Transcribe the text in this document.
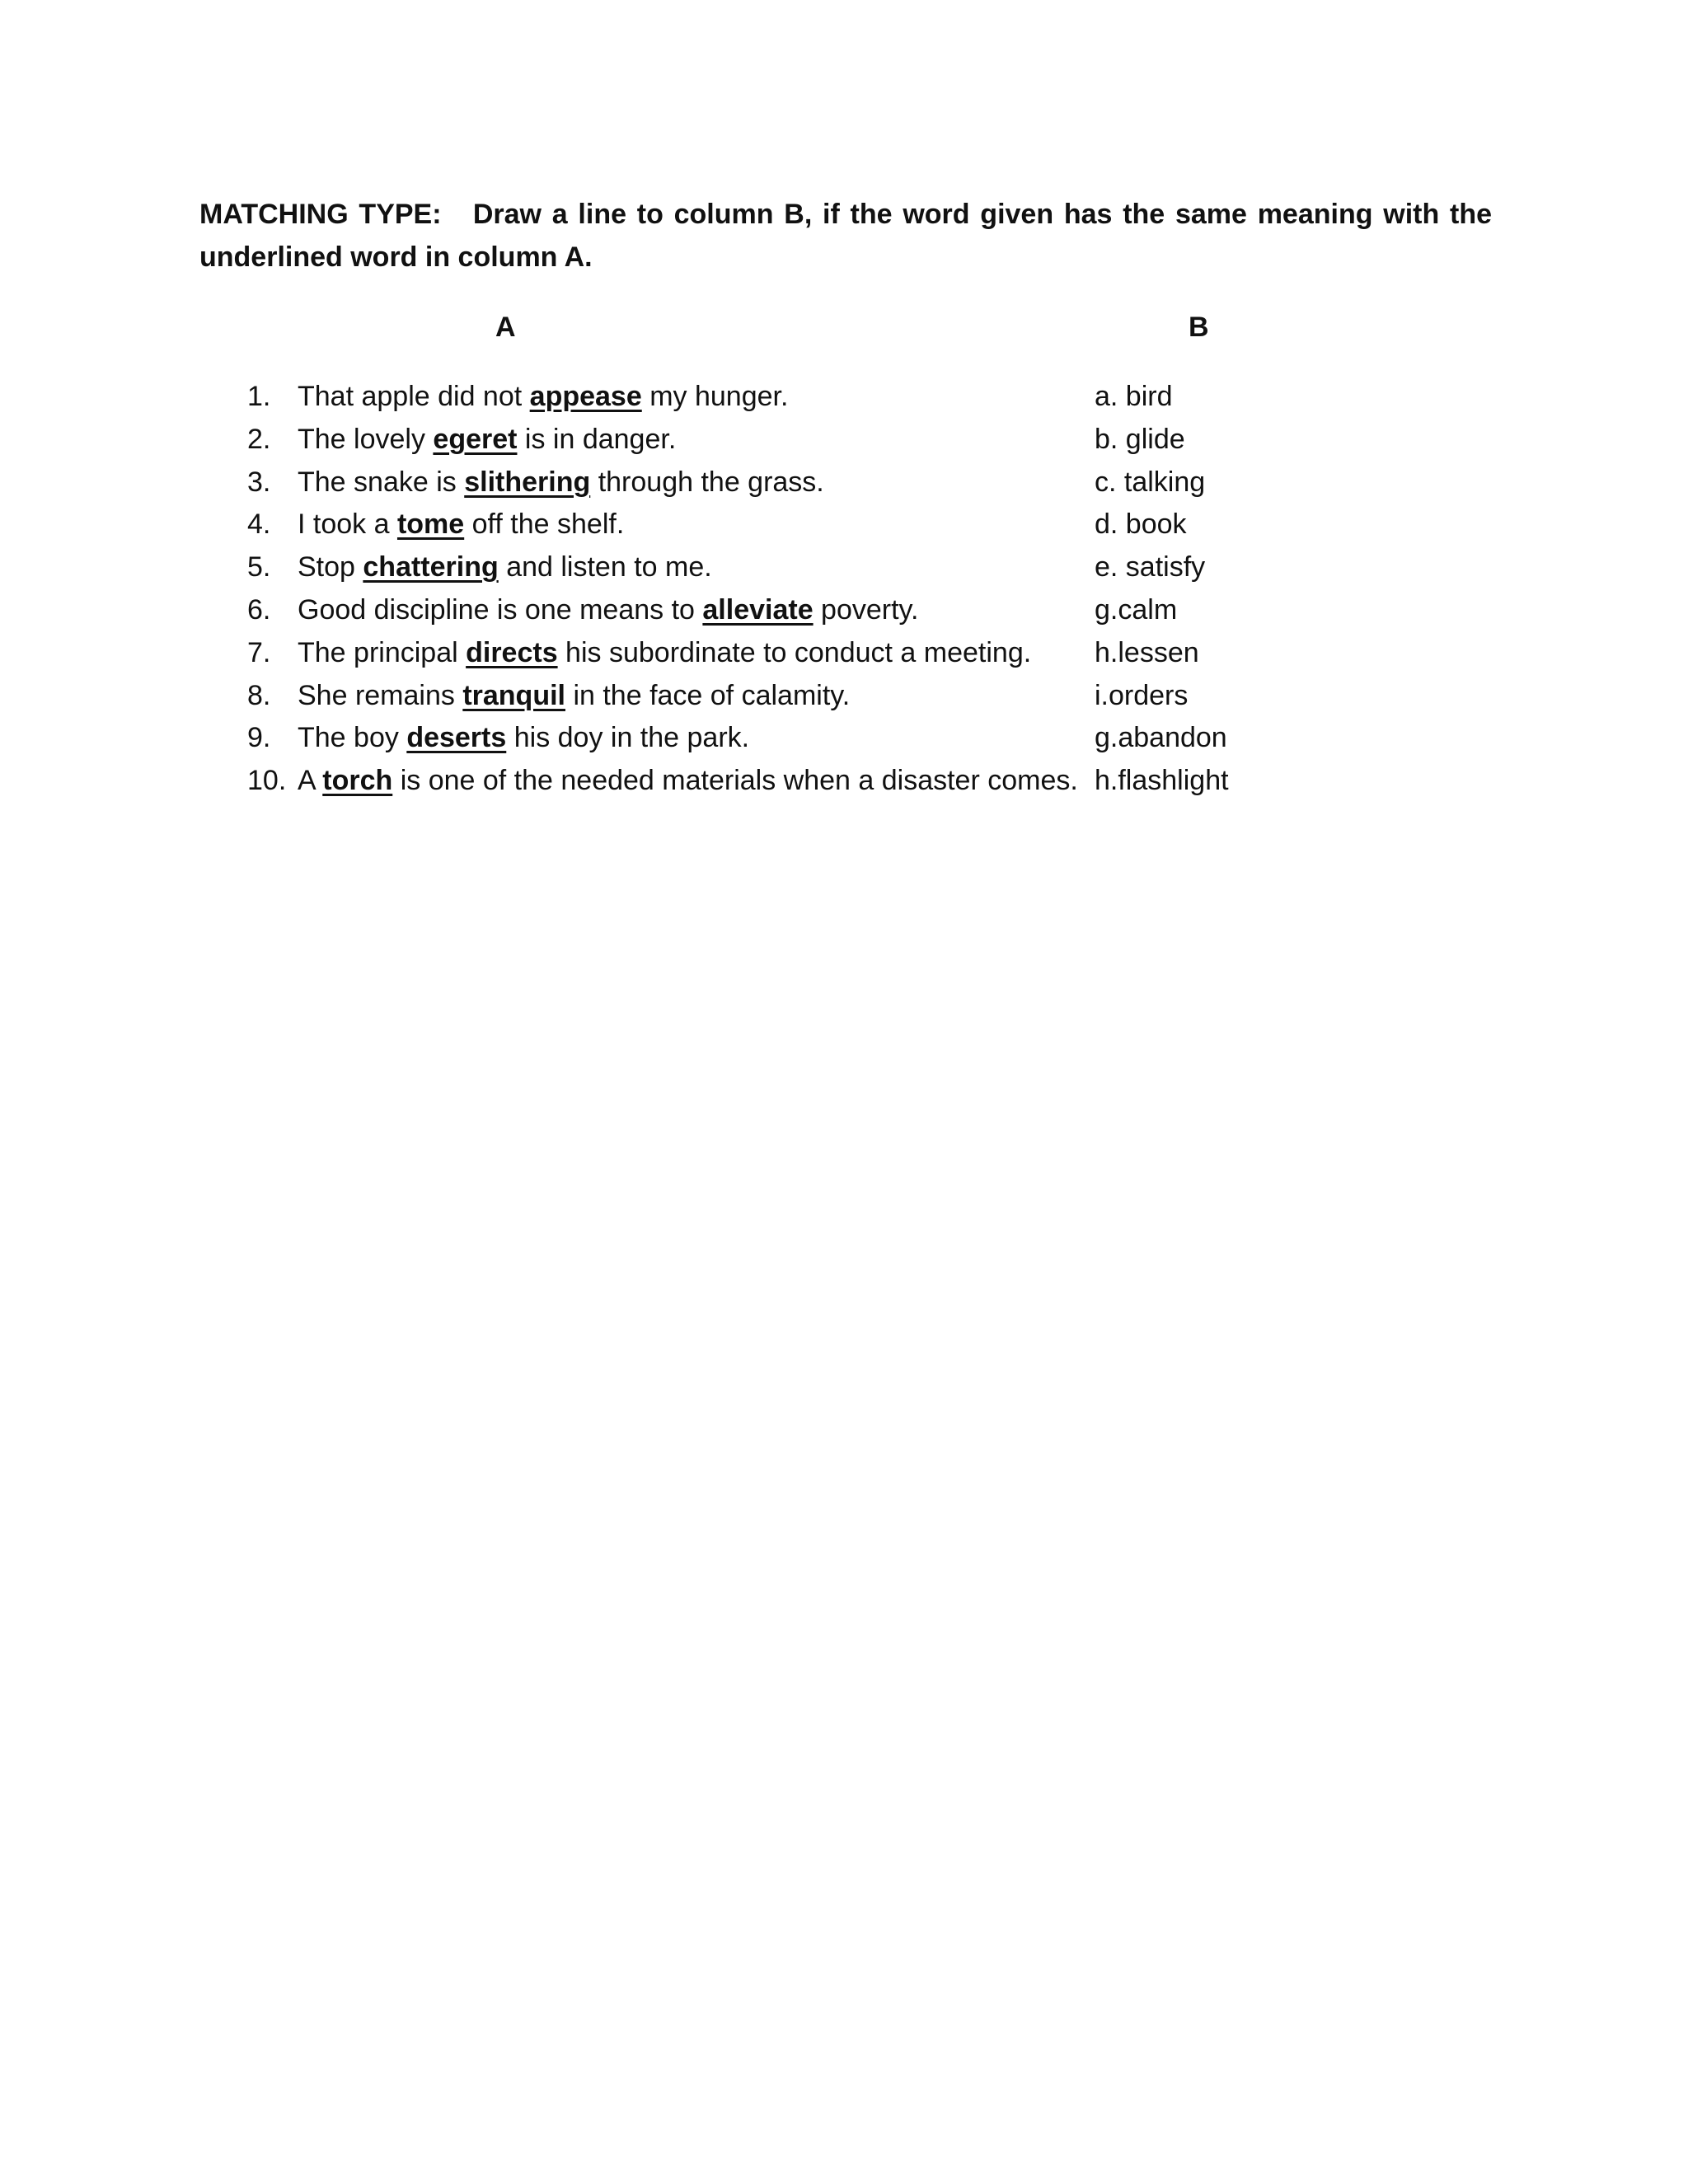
MATCHING TYPE: Draw a line to column B, if the word given has the same meaning with the underlined word in column A.
A	B
1. That apple did not appease my hunger.	a. bird
2. The lovely egeret is in danger.	b. glide
3. The snake is slithering through the grass.	c. talking
4. I took a tome off the shelf.	d. book
5. Stop chattering and listen to me.	e. satisfy
6. Good discipline is one means to alleviate poverty.	g.calm
7. The principal directs his subordinate to conduct a meeting. h.lessen
8. She remains tranquil in the face of calamity.	i.orders
9. The boy deserts his doy in the park.	g.abandon
10. A torch is one of the needed materials when a disaster comes. h.flashlight
